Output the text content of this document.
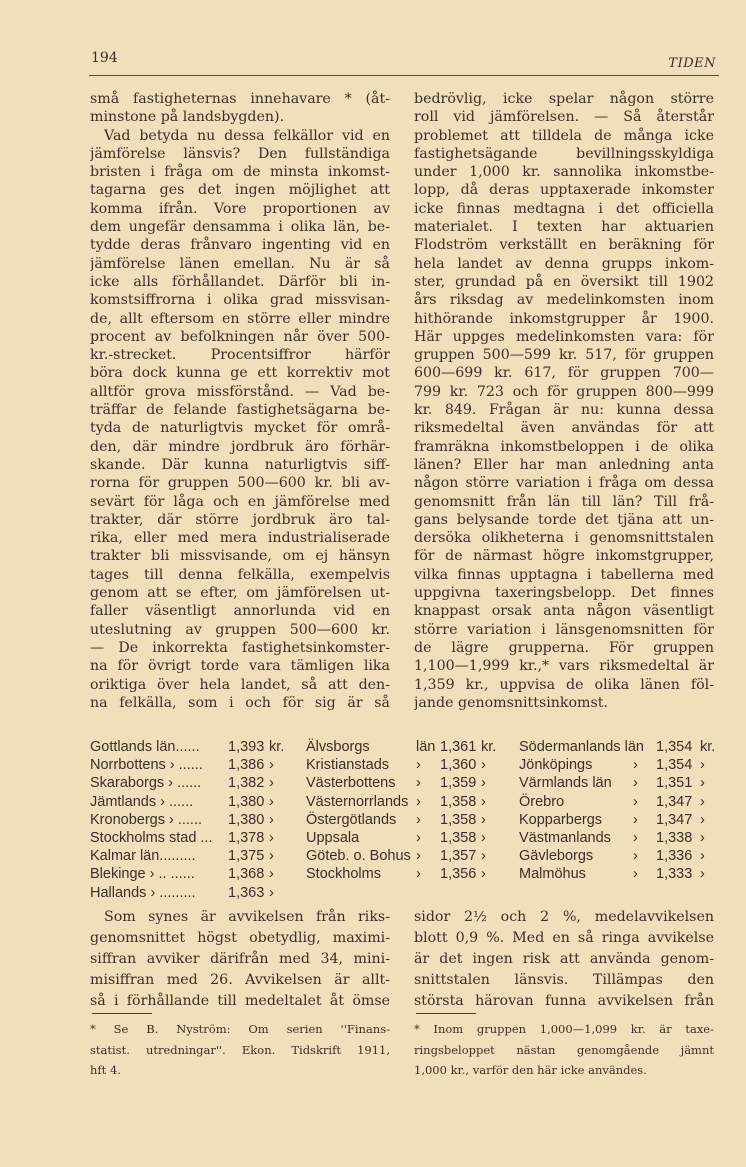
194	TIDEN
små fastigheternas innehavare * (åt-
minstone på landsbygden).
Vad betyda nu dessa felkällor vid en
jämförelse länsvis? Den fullständiga
bristen i fråga om de minsta inkomst-
tagarna ges det ingen möjlighet att
komma ifrån. Vore proportionen av
dem ungefär densamma i olika län, be-
tydde deras frånvaro ingenting vid en
jämförelse länen emellan. Nu är så
icke alls förhållandet. Därför bli in-
komstsiffrorna i olika grad missvisan-
de, allt eftersom en större eller mindre
procent av befolkningen når över 500-
kr.-strecket. Procentsiffror härför
böra dock kunna ge ett korrektiv mot
alltför grova missförstånd. — Vad be-
träffar de felande fastighetsägarna be-
tyda de naturligtvis mycket för områ-
den, där mindre jordbruk äro förhär-
skande. Där kunna naturligtvis siff-
rorna för gruppen 500—600 kr. bli av-
sevärt för låga och en jämförelse med
trakter, där större jordbruk äro tal-
rika, eller med mera industrialiserade
trakter bli missvisande, om ej hänsyn
tages till denna felkälla, exempelvis
genom att se efter, om jämförelsen ut-
faller väsentligt annorlunda vid en
uteslutning av gruppen 500—600 kr.
— De inkorrekta fastighetsinkomster-
na för övrigt torde vara tämligen lika
oriktiga över hela landet, så att den-
na felkälla, som i och för sig är så
bedrövlig, icke spelar någon större
roll vid jämförelsen. — Så återstår
problemet att tilldela de många icke
fastighetsägande bevillningsskyldiga
under 1,000 kr. sannolika inkomstbe-
lopp, då deras upptaxerade inkomster
icke finnas medtagna i det officiella
materialet. I texten har aktuarien
Flodström verkställt en beräkning för
hela landet av denna grupps inkom-
ster, grundad på en översikt till 1902
års riksdag av medelinkomsten inom
hithörande inkomstgrupper år 1900.
Här uppges medelinkomsten vara: för
gruppen 500—599 kr. 517, för gruppen
600—699 kr. 617, för gruppen 700—
799 kr. 723 och för gruppen 800—999
kr. 849. Frågan är nu: kunna dessa
riksmedeltal även användas för att
framräkna inkomstbeloppen i de olika
länen? Eller har man anledning anta
någon större variation i fråga om dessa
genomsnitt från län till län? Till frå-
gans belysande torde det tjäna att un-
dersöka olikheterna i genomsnittstalen
för de närmast högre inkomstgrupper,
vilka finnas upptagna i tabellerna med
uppgivna taxeringsbelopp. Det finnes
knappast orsak anta någon väsentligt
större variation i länsgenomsnitten för
de lägre grupperna. För gruppen
1,100—1,999 kr.,* vars riksmedeltal är
1,359 kr., uppvisa de olika länen föl-
jande genomsnittsinkomst.
Gottlands län...... 1,393 kr. Älvsborgs	län 1,361 kr. Södermanlands län 1,354 kr.
Norrbottens › ...... 1,386 › Kristianstads › 1,360 › Jönköpings	› 1,354 ›
Skaraborgs › ...... 1,382 › Västerbottens › 1,359 › Värmlands län › 1,351 ›
Jämtlands › ...... 1,380 › Västernorrlands › 1,358 › Örebro	› 1,347 ›
Kronobergs › ...... 1,380 › Östergötlands › 1,358 › Kopparbergs › 1,347 ›
Stockholms stad ... 1,378 › Uppsala	› 1,358 › Västmanlands › 1,338 ›
Kalmar län......... 1,375 › Göteb. o. Bohus › 1,357 › Gävleborgs	› 1,336 ›
Blekinge › .. ...... 1,368 › Stockholms › 1,356 › Malmöhus	› 1,333 ›
Hallands › ......... 1,363 ›
Som synes är avvikelsen från riks-
genomsnittet högst obetydlig, maximi-
siffran avviker därifrån med 34, mini-
misiffran med 26. Avvikelsen är allt-
så i förhållande till medeltalet åt ömse
sidor 2½ och 2 %, medelavvikelsen
blott 0,9 %. Med en så ringa avvikelse
är det ingen risk att använda genom-
snittstalen länsvis. Tillämpas den
största härovan funna avvikelsen från
* Se B. Nyström: Om serien ''Finans-
statist. utredningar''. Ekon. Tidskrift 1911,
hft 4.
* Inom gruppen 1,000—1,099 kr. är taxe-
ringsbeloppet nästan genomgående jämnt
1,000 kr., varför den här icke användes.
